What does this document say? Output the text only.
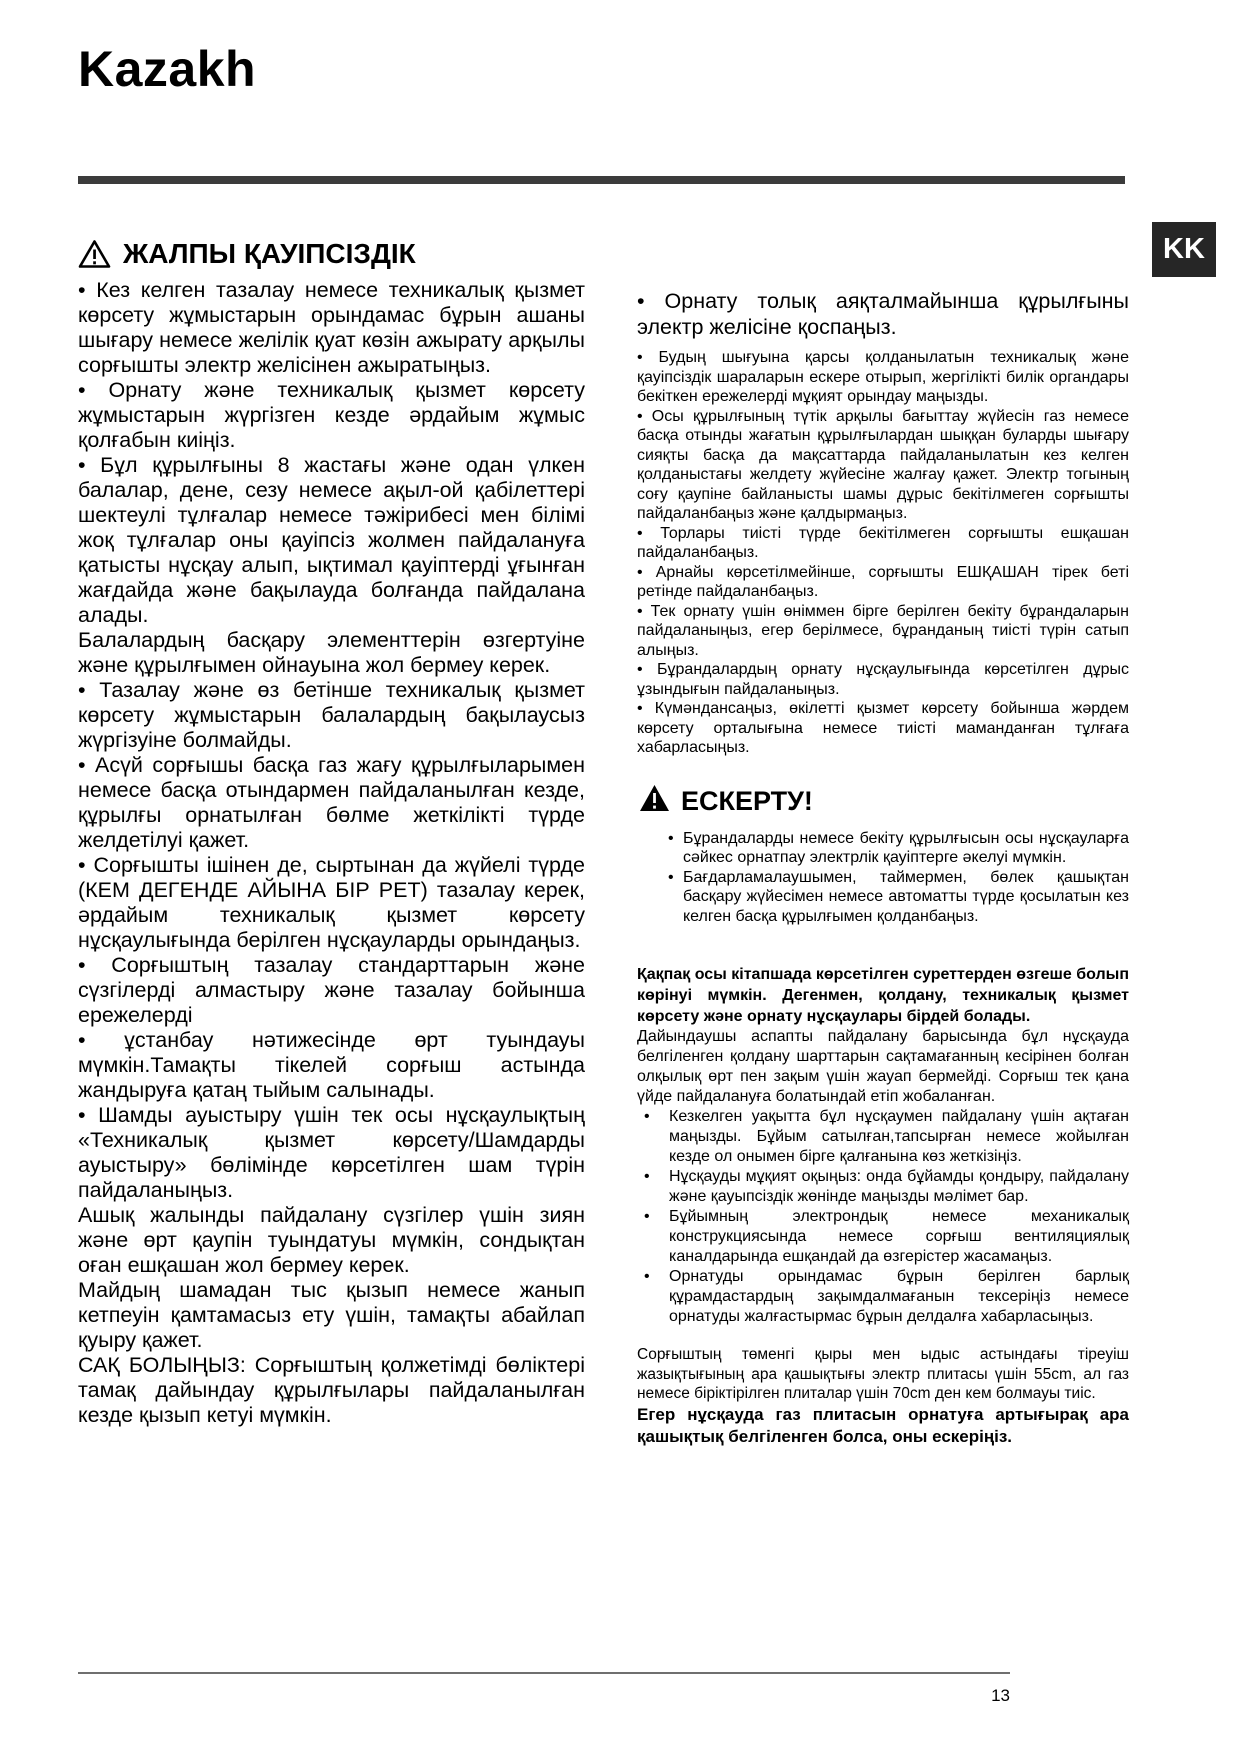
Kazakh
KK
ЖАЛПЫ ҚАУІПСІЗДІК

• Кез келген тазалау немесе техникалық қызмет көрсету жұмыстарын орындамас бұрын ашаны шығару немесе желілік қуат көзін ажырату арқылы сорғышты электр желісінен ажыратыңыз.

• Орнату және техникалық қызмет көрсету жұмыстарын жүргізген кезде әрдайым жұмыс қолғабын киіңіз.

• Бұл құрылғыны 8 жастағы және одан үлкен балалар, дене, сезу немесе ақыл-ой қабілеттері шектеулі тұлғалар немесе тәжірибесі мен білімі жоқ тұлғалар оны қауіпсіз жолмен пайдалануға қатысты нұсқау алып, ықтимал қауіптерді ұғынған жағдайда және бақылауда болғанда пайдалана алады.

Балалардың басқару элементтерін өзгертуіне және құрылғымен ойнауына жол бермеу керек.

• Тазалау және өз бетінше техникалық қызмет көрсету жұмыстарын балалардың бақылаусыз жүргізуіне болмайды.

• Асүй сорғышы басқа газ жағу құрылғыларымен немесе басқа отындармен пайдаланылған кезде, құрылғы орнатылған бөлме жеткілікті түрде желдетілуі қажет.

• Сорғышты ішінен де, сыртынан да жүйелі түрде (КЕМ ДЕГЕНДЕ АЙЫНА БІР РЕТ) тазалау керек, әрдайым техникалық қызмет көрсету нұсқаулығында берілген нұсқауларды орындаңыз.

• Сорғыштың тазалау стандарттарын және сүзгілерді алмастыру және тазалау бойынша ережелерді

• ұстанбау нәтижесінде өрт туындауы мүмкін.Тамақты тікелей сорғыш астында жандыруға қатаң тыйым салынады.

• Шамды ауыстыру үшін тек осы нұсқаулықтың «Техникалық қызмет көрсету/Шамдарды ауыстыру» бөлімінде көрсетілген шам түрін пайдаланыңыз.

Ашық жалынды пайдалану сүзгілер үшін зиян және өрт қаупін туындатуы мүмкін, сондықтан оған ешқашан жол бермеу керек.

Майдың шамадан тыс қызып немесе жанып кетпеуін қамтамасыз ету үшін, тамақты абайлап қуыру қажет.

САҚ БОЛЫҢЫЗ: Сорғыштың қолжетімді бөліктері тамақ дайындау құрылғылары пайдаланылған кезде қызып кетуі мүмкін.

• Орнату толық аяқталмайынша құрылғыны электр желісіне қоспаңыз.

• Будың шығуына қарсы қолданылатын техникалық және қауіпсіздік шараларын ескере отырып, жергілікті билік органдары бекіткен ережелерді мұқият орындау маңызды.

• Осы құрылғының түтік арқылы бағыттау жүйесін газ немесе басқа отынды жағатын құрылғылардан шыққан буларды шығару сияқты басқа да мақсаттарда пайдаланылатын кез келген қолданыстағы желдету жүйесіне жалғау қажет. Электр тогының соғу қаупіне байланысты шамы дұрыс бекітілмеген сорғышты пайдаланбаңыз және қалдырмаңыз.

• Торлары тиісті түрде бекітілмеген сорғышты ешқашан пайдаланбаңыз.

• Арнайы көрсетілмейінше, сорғышты ЕШҚАШАН тірек беті ретінде пайдаланбаңыз.

• Тек орнату үшін өніммен бірге берілген бекіту бұрандаларын пайдаланыңыз, егер берілмесе, бұранданың тиісті түрін сатып алыңыз.

• Бұрандалардың орнату нұсқаулығында көрсетілген дұрыс ұзындығын пайдаланыңыз.

• Күмәндансаңыз, өкілетті қызмет көрсету бойынша жәрдем көрсету орталығына немесе тиісті маманданған тұлғаға хабарласыңыз.

ЕСКЕРТУ!
• Бұрандаларды немесе бекіту құрылғысын осы нұсқауларға сәйкес орнатпау электрлік қауіптерге әкелуі мүмкін.
• Бағдарламалаушымен, таймермен, бөлек қашықтан басқару жүйесімен немесе автоматты түрде қосылатын кез келген басқа құрылғымен қолданбаңыз.

Қақпақ осы кітапшада көрсетілген суреттерден өзгеше болып көрінуі мүмкін. Дегенмен, қолдану, техникалық қызмет көрсету және орнату нұсқаулары бірдей болады.

Дайындаушы аспапты пайдалану барысында бұл нұсқауда белгіленген қолдану шарттарын сақтамағанның кесірінен болған олқылық өрт пен зақым үшін жауап бермейді. Сорғыш тек қана үйде пайдалануға болатындай етіп жобаланған.

•	Кезкелген уақытта бұл нұсқаумен пайдалану үшін ақтаған маңызды. Бұйым сатылған,тапсырған немесе жойылған кезде ол онымен бірге қалғанына көз жеткізіңіз.
•	Нұсқауды мұқият оқыңыз: онда бұйамды қондыру, пайдалану және қауыпсіздік жөнінде маңызды мәлімет бар.
•	Бұйымның электрондық немесе механикалық конструкциясында немесе сорғыш вентиляциялық каналдарында ешқандай да өзгерістер жасамаңыз.
•	Орнатуды орындамас бұрын берілген барлық құрамдастардың зақымдалмағанын тексеріңіз немесе орнатуды жалғастырмас бұрын делдалға хабарласыңыз.

Сорғыштың төменгі қыры мен ыдыс астындағы тіреуіш жазықтығының ара қашықтығы электр плитасы үшін 55cm, ал газ немесе біріктірілген плиталар үшін 70cm ден кем болмауы тиіс.

Егер нұсқауда газ плитасын орнатуға артығырақ ара қашықтық белгіленген болса, оны ескеріңіз.

13
